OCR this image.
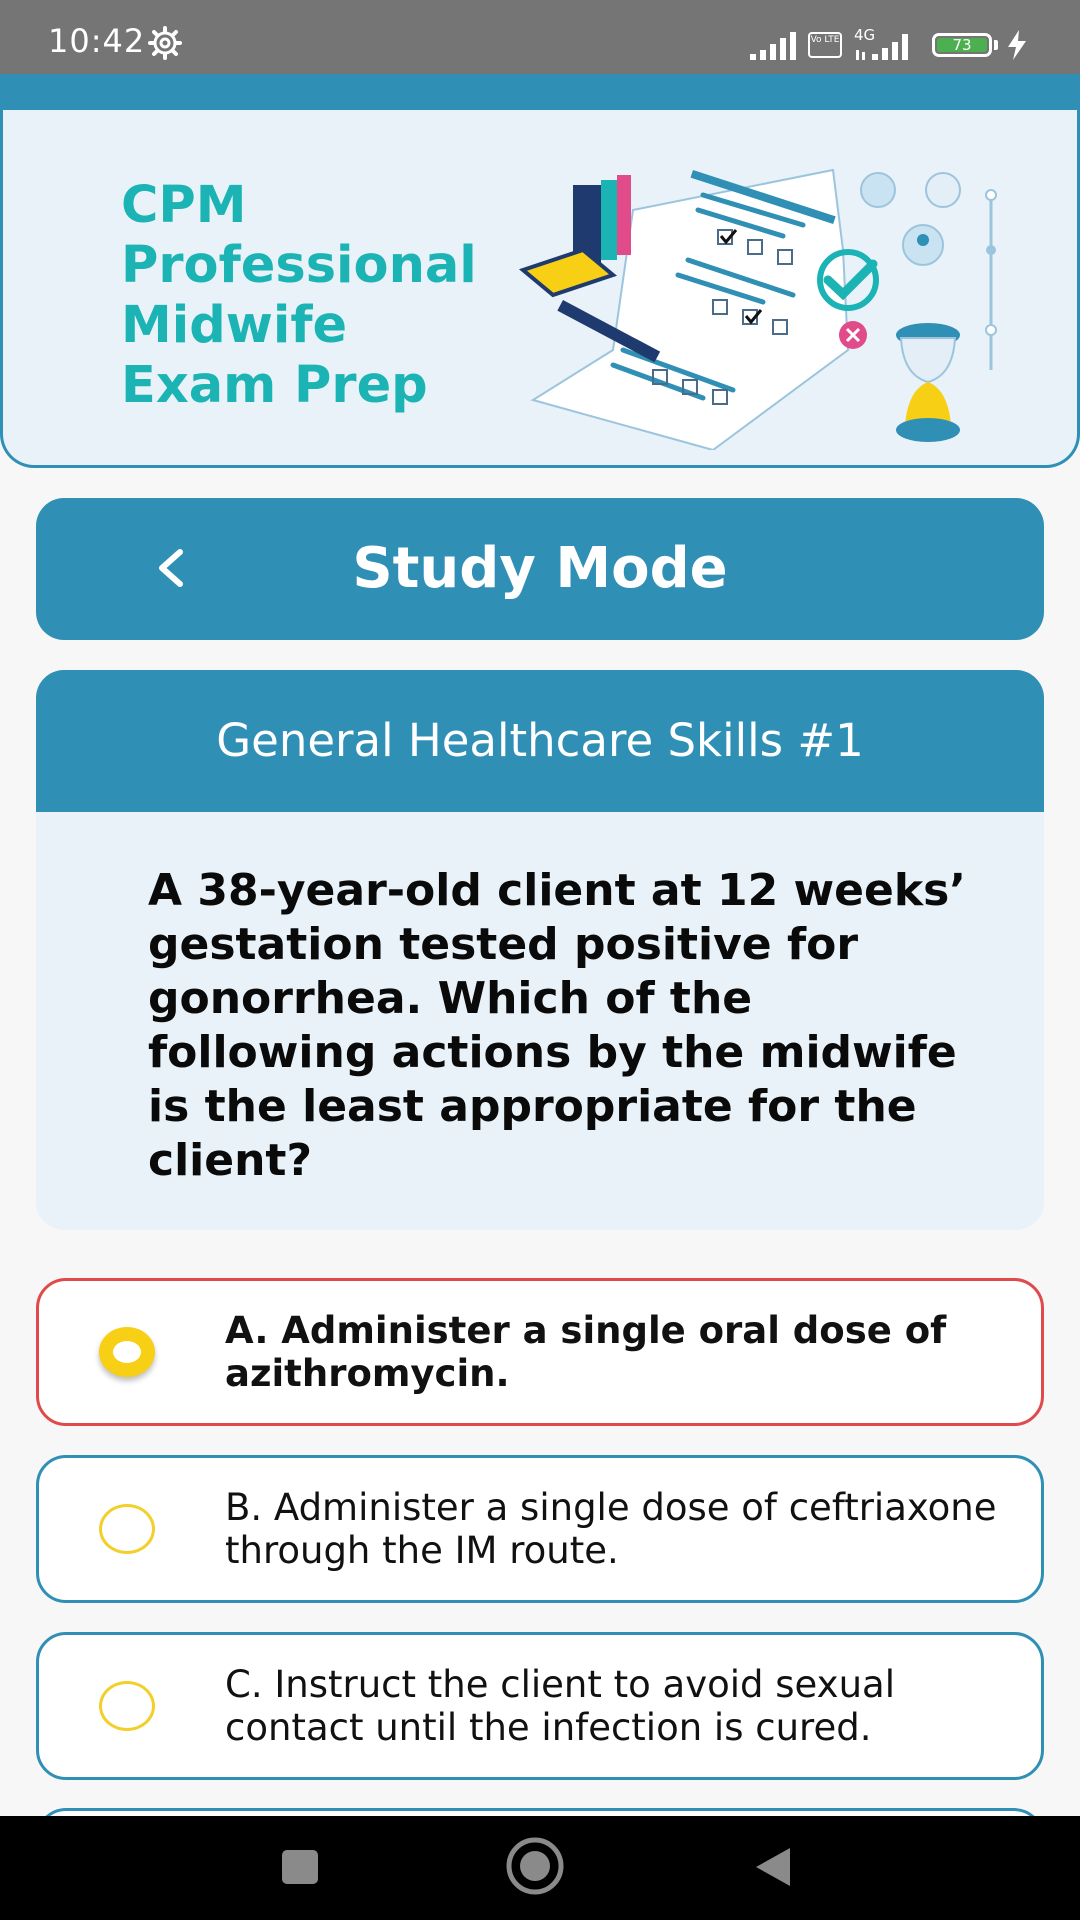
10:42	Vo LTE 4G
73
CPM
Professional
Midwife
Exam Prep
Study Mode
General Healthcare Skills #1
A 38-year-old client at 12 weeks’ gestation tested positive for gonorrhea. Which of the following actions by the midwife is the least appropriate for the client?
A. Administer a single oral dose of azithromycin.
B. Administer a single dose of ceftriaxone through the IM route.
C. Instruct the client to avoid sexual contact until the infection is cured.
